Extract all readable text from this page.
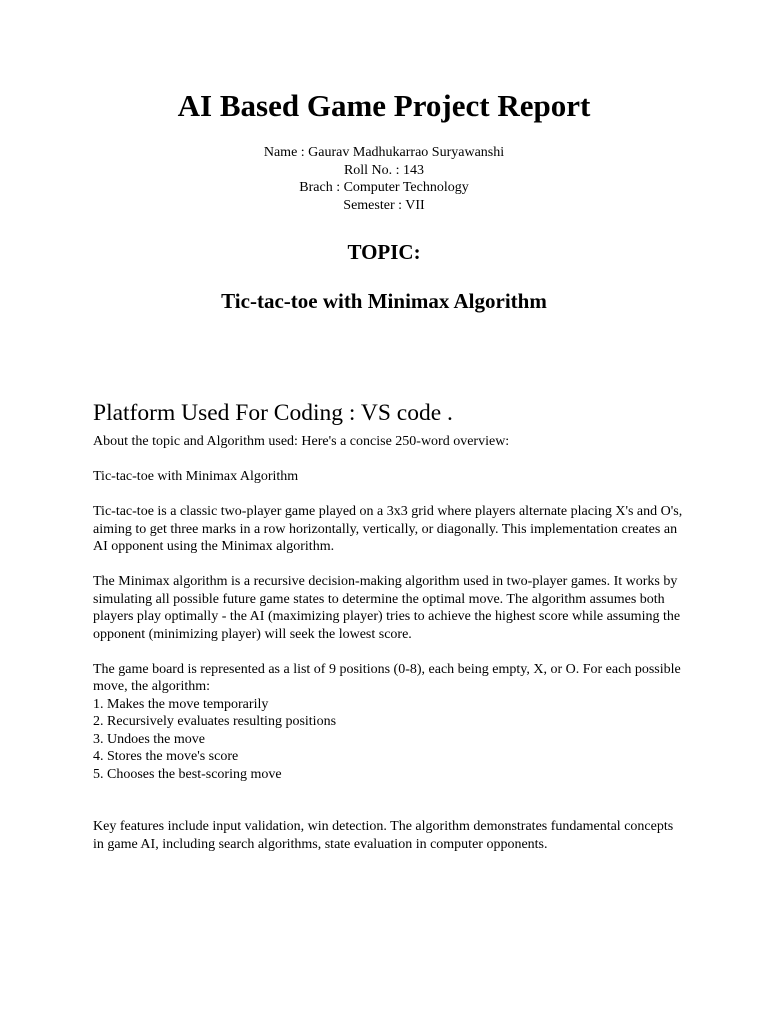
AI Based Game Project Report
Name : Gaurav Madhukarrao Suryawanshi
Roll No. : 143
Brach : Computer Technology
Semester : VII
TOPIC:
Tic-tac-toe with Minimax Algorithm
Platform Used For Coding : VS code .

About the topic and Algorithm used: Here's a concise 250-word overview:

Tic-tac-toe with Minimax Algorithm

Tic-tac-toe is a classic two-player game played on a 3x3 grid where players alternate placing X's and O's, aiming to get three marks in a row horizontally, vertically, or diagonally. This implementation creates an AI opponent using the Minimax algorithm.

The Minimax algorithm is a recursive decision-making algorithm used in two-player games. It works by simulating all possible future game states to determine the optimal move. The algorithm assumes both players play optimally - the AI (maximizing player) tries to achieve the highest score while assuming the opponent (minimizing player) will seek the lowest score.

The game board is represented as a list of 9 positions (0-8), each being empty, X, or O. For each possible move, the algorithm:
1. Makes the move temporarily
2. Recursively evaluates resulting positions
3. Undoes the move
4. Stores the move's score
5. Chooses the best-scoring move

Key features include input validation, win detection. The algorithm demonstrates fundamental concepts in game AI, including search algorithms, state evaluation in computer opponents.
